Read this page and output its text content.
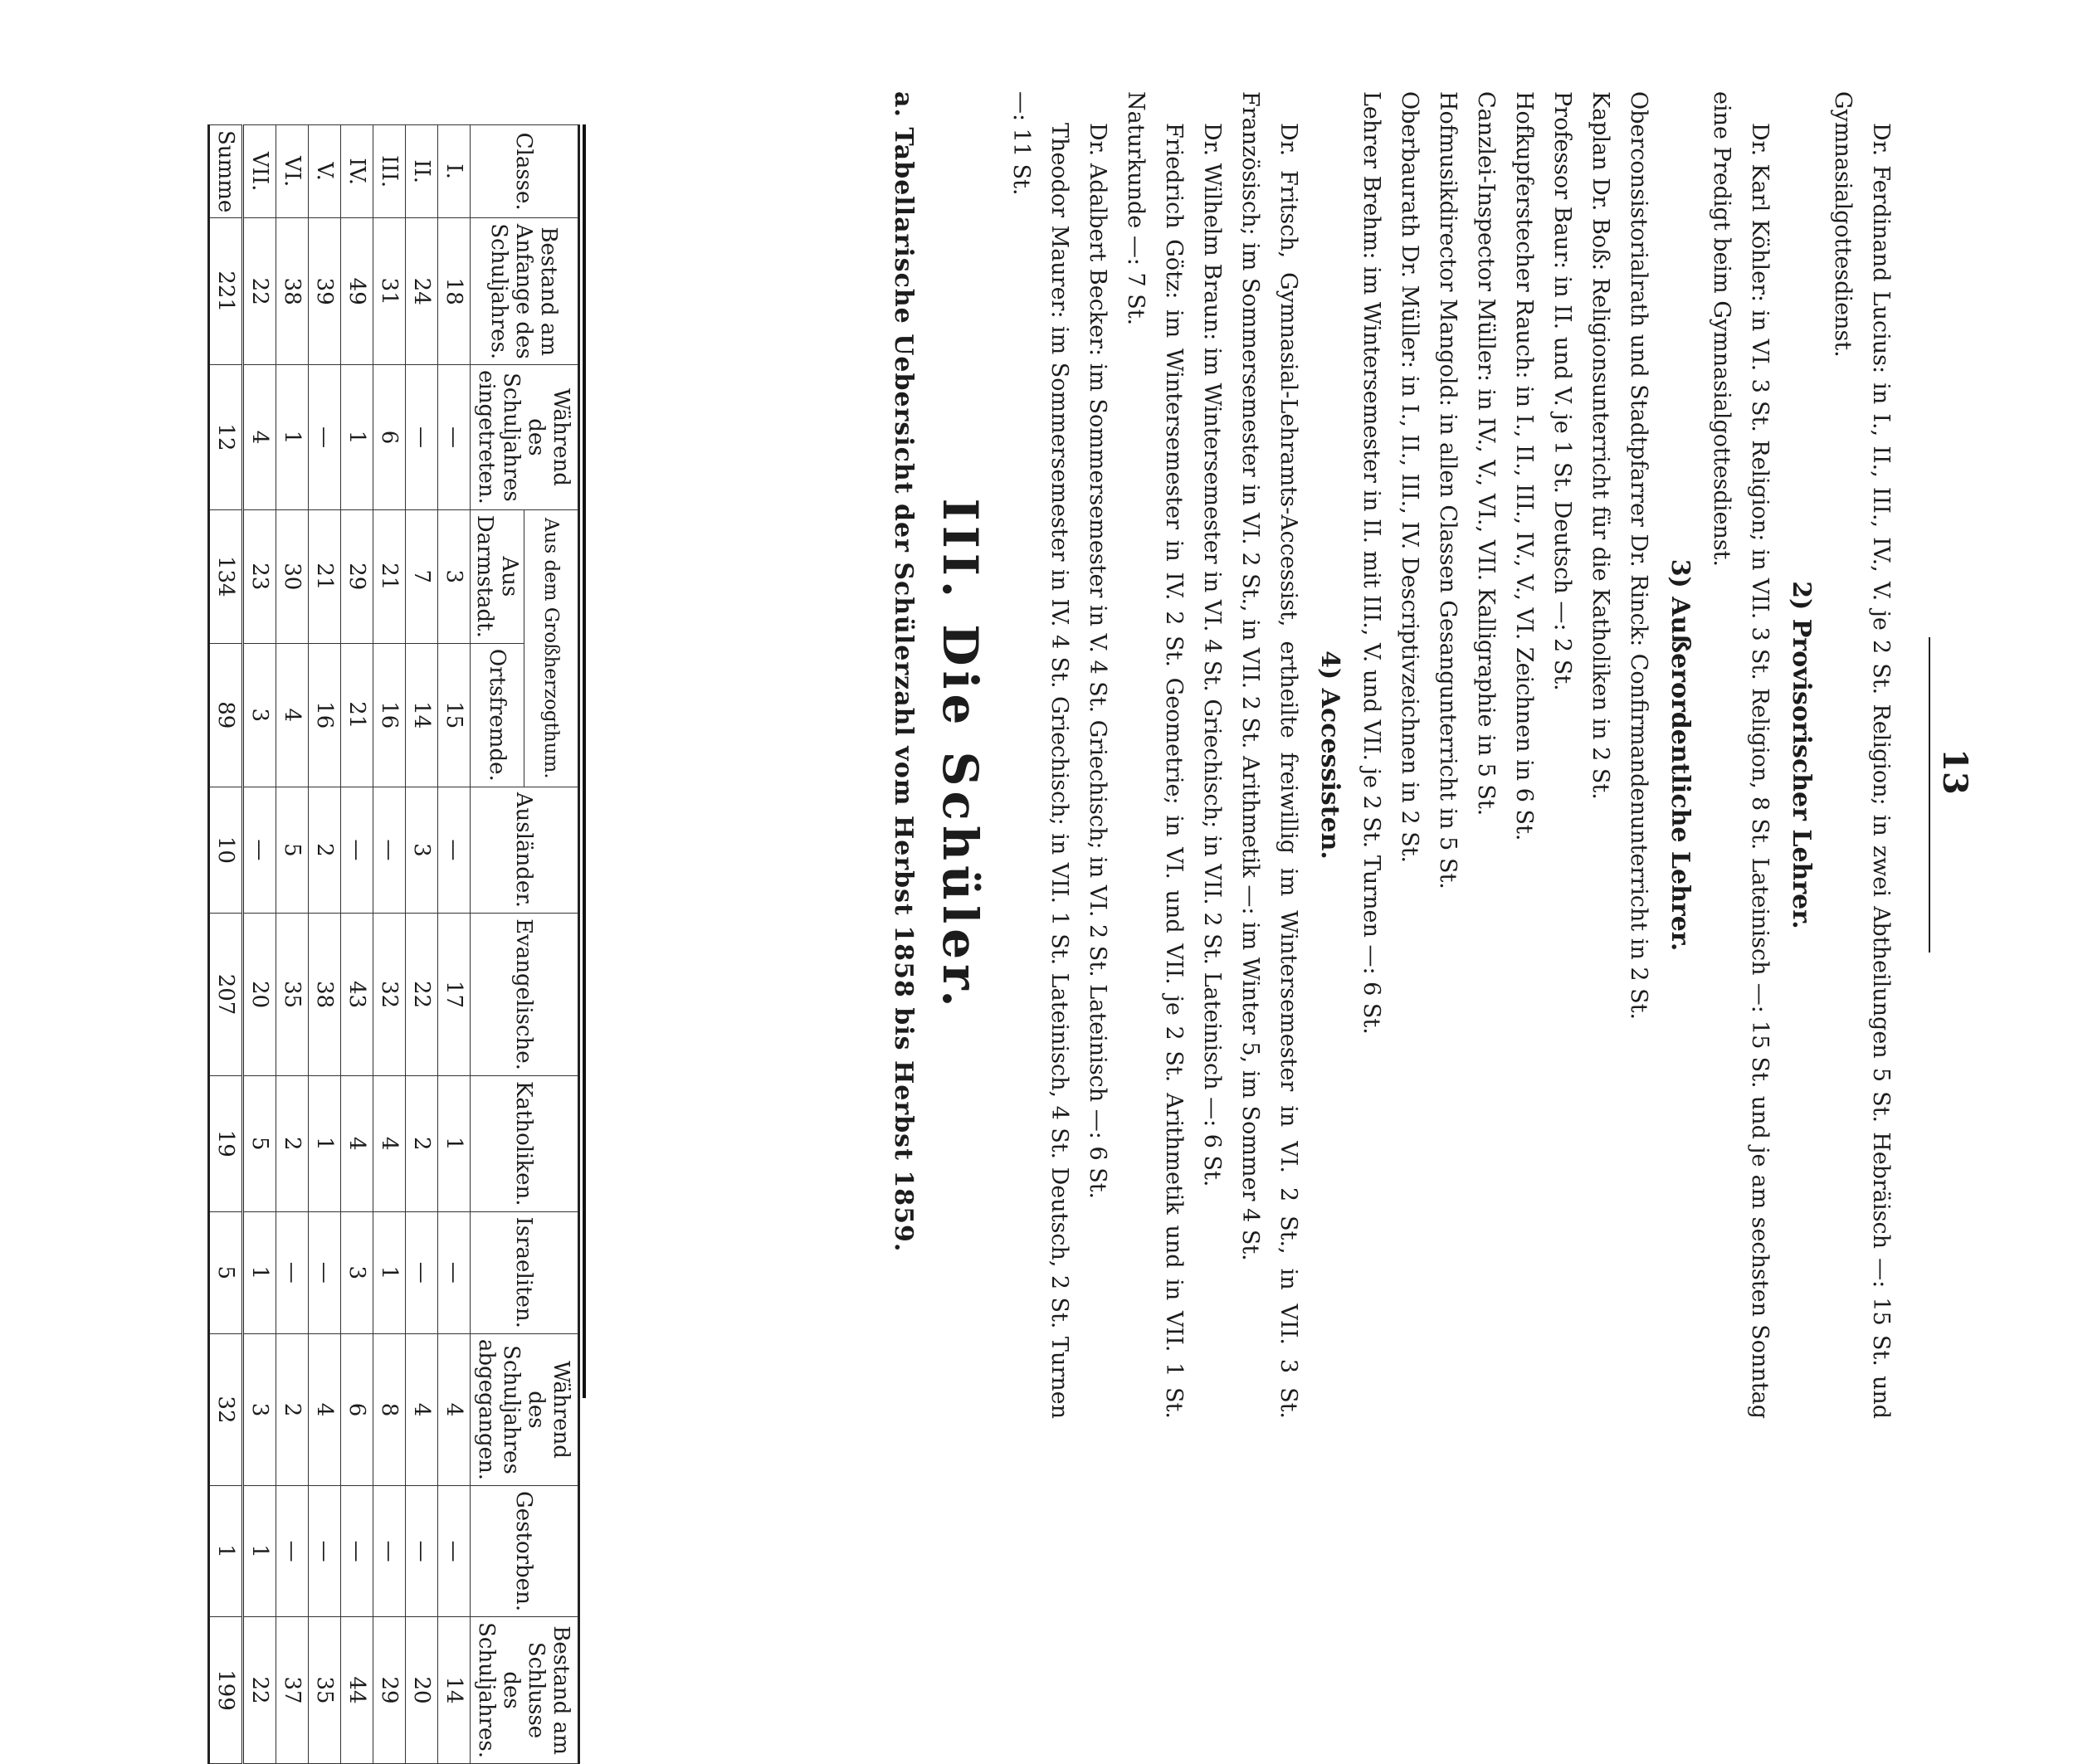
13

Dr. Ferdinand Lucius: in I., II., III., IV., V. je 2 St. Religion; in zwei Abtheilungen 5 St. Hebräisch —: 15 St. und Gymnasialgottesdienst.

2) Provisorischer Lehrer.

Dr. Karl Köhler: in VI. 3 St. Religion; in VII. 3 St. Religion, 8 St. Lateinisch —: 15 St. und je am sechsten Sonntag eine Predigt beim Gymnasialgottesdienst.

3) Außerordentliche Lehrer.

Oberconsistorialrath und Stadtpfarrer Dr. Rinck: Confirmandenunterricht in 2 St.

Kaplan Dr. Boß: Religionsunterricht für die Katholiken in 2 St.

Professor Baur: in II. und V. je 1 St. Deutsch —: 2 St.

Hofkupferstecher Rauch: in I., II., III., IV., V., VI. Zeichnen in 6 St.

Canzlei-Inspector Müller: in IV., V., VI., VII. Kalligraphie in 5 St.

Hofmusikdirector Mangold: in allen Classen Gesangunterricht in 5 St.

Oberbaurath Dr. Müller: in I., II., III., IV. Descriptivzeichnen in 2 St.

Lehrer Brehm: im Wintersemester in II. mit III., V. und VII. je 2 St. Turnen —: 6 St.

4) Accessisten.

Dr. Fritsch, Gymnasial-Lehramts-Accessist, ertheilte freiwillig im Wintersemester in VI. 2 St., in VII. 3 St. Französisch; im Sommersemester in VI. 2 St., in VII. 2 St. Arithmetik —: im Winter 5, im Sommer 4 St.

Dr. Wilhelm Braun: im Wintersemester in VI. 4 St. Griechisch; in VII. 2 St. Lateinisch —: 6 St.

Friedrich Götz: im Wintersemester in IV. 2 St. Geometrie; in VI. und VII. je 2 St. Arithmetik und in VII. 1 St. Naturkunde —: 7 St.

Dr. Adalbert Becker: im Sommersemester in V. 4 St. Griechisch; in VI. 2 St. Lateinisch —: 6 St.

Theodor Maurer: im Sommersemester in IV. 4 St. Griechisch; in VII. 1 St. Lateinisch, 4 St. Deutsch, 2 St. Turnen —: 11 St.

III. Die Schüler.

a. Tabellarische Uebersicht der Schülerzahl vom Herbst 1858 bis Herbst 1859.

Classe.	Bestand am Anfange des Schuljahres.	Während des Schuljahres eingetreten.	Aus dem Großherzogthum.		Ausländer.	Evangelische.	Katholiken.	Israeliten.	Während des Schuljahres abgegangen.	Gestorben.	Bestand am Schlusse des Schuljahres.
			Aus Darmstadt.	Ortsfremde.							
I.	18	—	3	15	—	17	1	—	4	—	14
II.	24	—	7	14	3	22	2	—	4	—	20
III.	31	6	21	16	—	32	4	1	8	—	29
IV.	49	1	29	21	—	43	4	3	6	—	44
V.	39	—	21	16	2	38	1	—	4	—	35
VI.	38	1	30	4	5	35	2	—	2	—	37
VII.	22	4	23	3	—	20	5	1	3	1	22
Summe	221	12	134	89	10	207	19	5	32	1	199
